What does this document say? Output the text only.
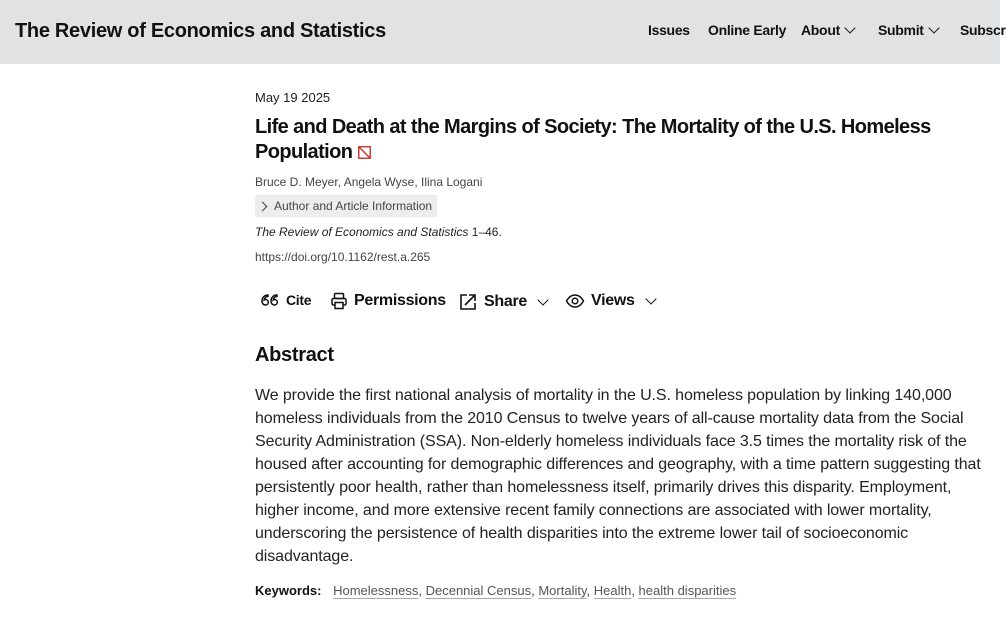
The Review of Economics and Statistics	Issues Online Early About	Submit	Subscr
May 19 2025
Life and Death at the Margins of Society: The Mortality of the U.S. Homeless Population
Bruce D. Meyer, Angela Wyse, Ilina Logani
Author and Article Information
The Review of Economics and Statistics 1–46.
https://doi.org/10.1162/rest.a.265
Cite	Permissions Share	Views
Abstract

We provide the first national analysis of mortality in the U.S. homeless population by linking 140,000 homeless individuals from the 2010 Census to twelve years of all-cause mortality data from the Social Security Administration (SSA). Non-elderly homeless individuals face 3.5 times the mortality risk of the housed after accounting for demographic differences and geography, with a time pattern suggesting that persistently poor health, rather than homelessness itself, primarily drives this disparity. Employment, higher income, and more extensive recent family connections are associated with lower mortality, underscoring the persistence of health disparities into the extreme lower tail of socioeconomic disadvantage.

Keywords: Homelessness, Decennial Census, Mortality, Health, health disparities
